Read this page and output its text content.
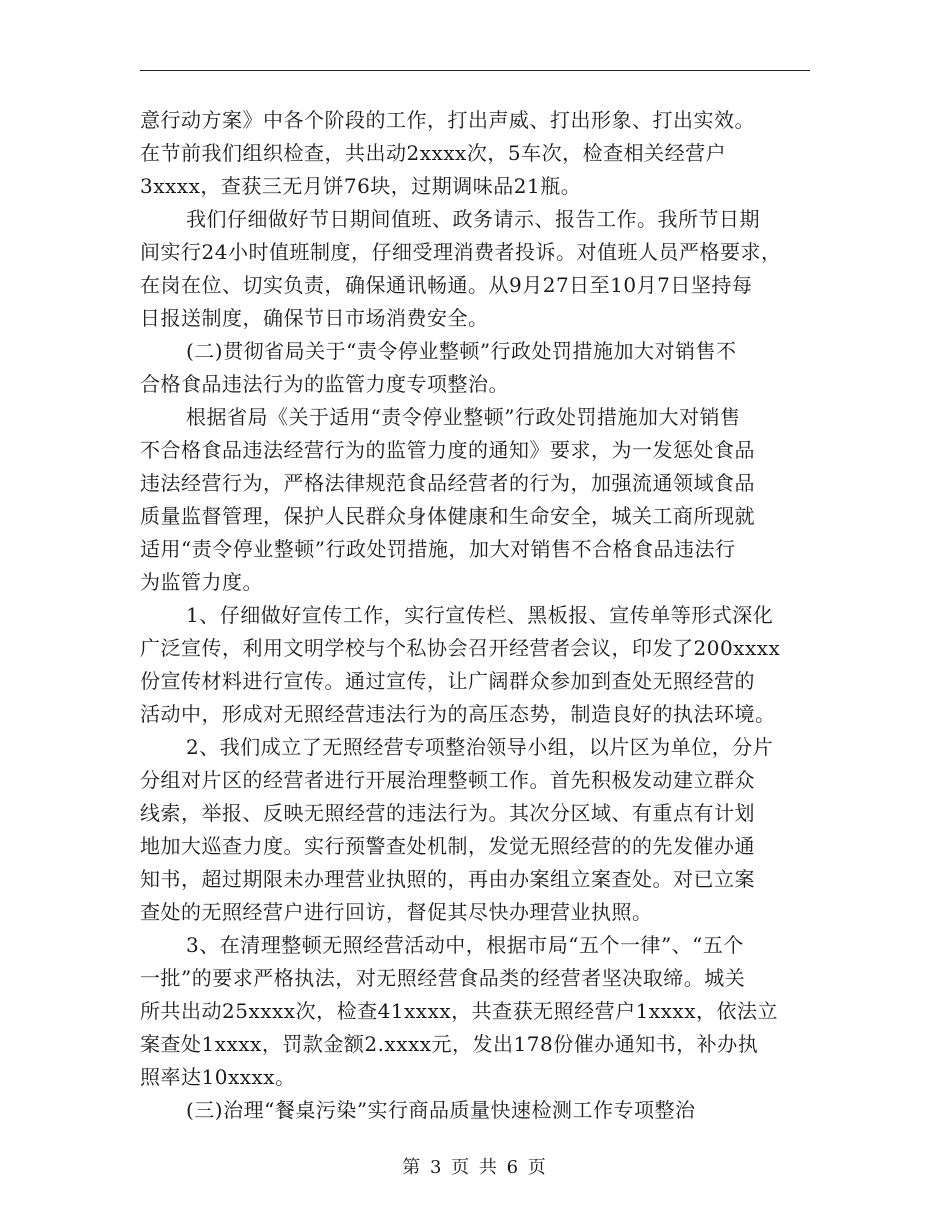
意行动方案》中各个阶段的工作，打出声威、打出形象、打出实效。
在节前我们组织检查，共出动2xxxx次，5车次，检查相关经营户
3xxxx，查获三无月饼76块，过期调味品21瓶。
我们仔细做好节日期间值班、政务请示、报告工作。我所节日期
间实行24小时值班制度，仔细受理消费者投诉。对值班人员严格要求，
在岗在位、切实负责，确保通讯畅通。从9月27日至10月7日坚持每
日报送制度，确保节日市场消费安全。
(二)贯彻省局关于“责令停业整顿”行政处罚措施加大对销售不
合格食品违法行为的监管力度专项整治。
根据省局《关于适用“责令停业整顿”行政处罚措施加大对销售
不合格食品违法经营行为的监管力度的通知》要求，为一发惩处食品
违法经营行为，严格法律规范食品经营者的行为，加强流通领域食品
质量监督管理，保护人民群众身体健康和生命安全，城关工商所现就
适用“责令停业整顿”行政处罚措施，加大对销售不合格食品违法行
为监管力度。
1、仔细做好宣传工作，实行宣传栏、黑板报、宣传单等形式深化
广泛宣传，利用文明学校与个私协会召开经营者会议，印发了200xxxx
份宣传材料进行宣传。通过宣传，让广阔群众参加到查处无照经营的
活动中，形成对无照经营违法行为的高压态势，制造良好的执法环境。
2、我们成立了无照经营专项整治领导小组，以片区为单位，分片
分组对片区的经营者进行开展治理整顿工作。首先积极发动建立群众
线索，举报、反映无照经营的违法行为。其次分区域、有重点有计划
地加大巡查力度。实行预警查处机制，发觉无照经营的的先发催办通
知书，超过期限未办理营业执照的，再由办案组立案查处。对已立案
查处的无照经营户进行回访，督促其尽快办理营业执照。
3、在清理整顿无照经营活动中，根据市局“五个一律”、“五个
一批”的要求严格执法，对无照经营食品类的经营者坚决取缔。城关
所共出动25xxxx次，检查41xxxx，共查获无照经营户1xxxx，依法立
案查处1xxxx，罚款金额2.xxxx元，发出178份催办通知书，补办执
照率达10xxxx。
(三)治理“餐桌污染”实行商品质量快速检测工作专项整治
第 3 页 共 6 页
